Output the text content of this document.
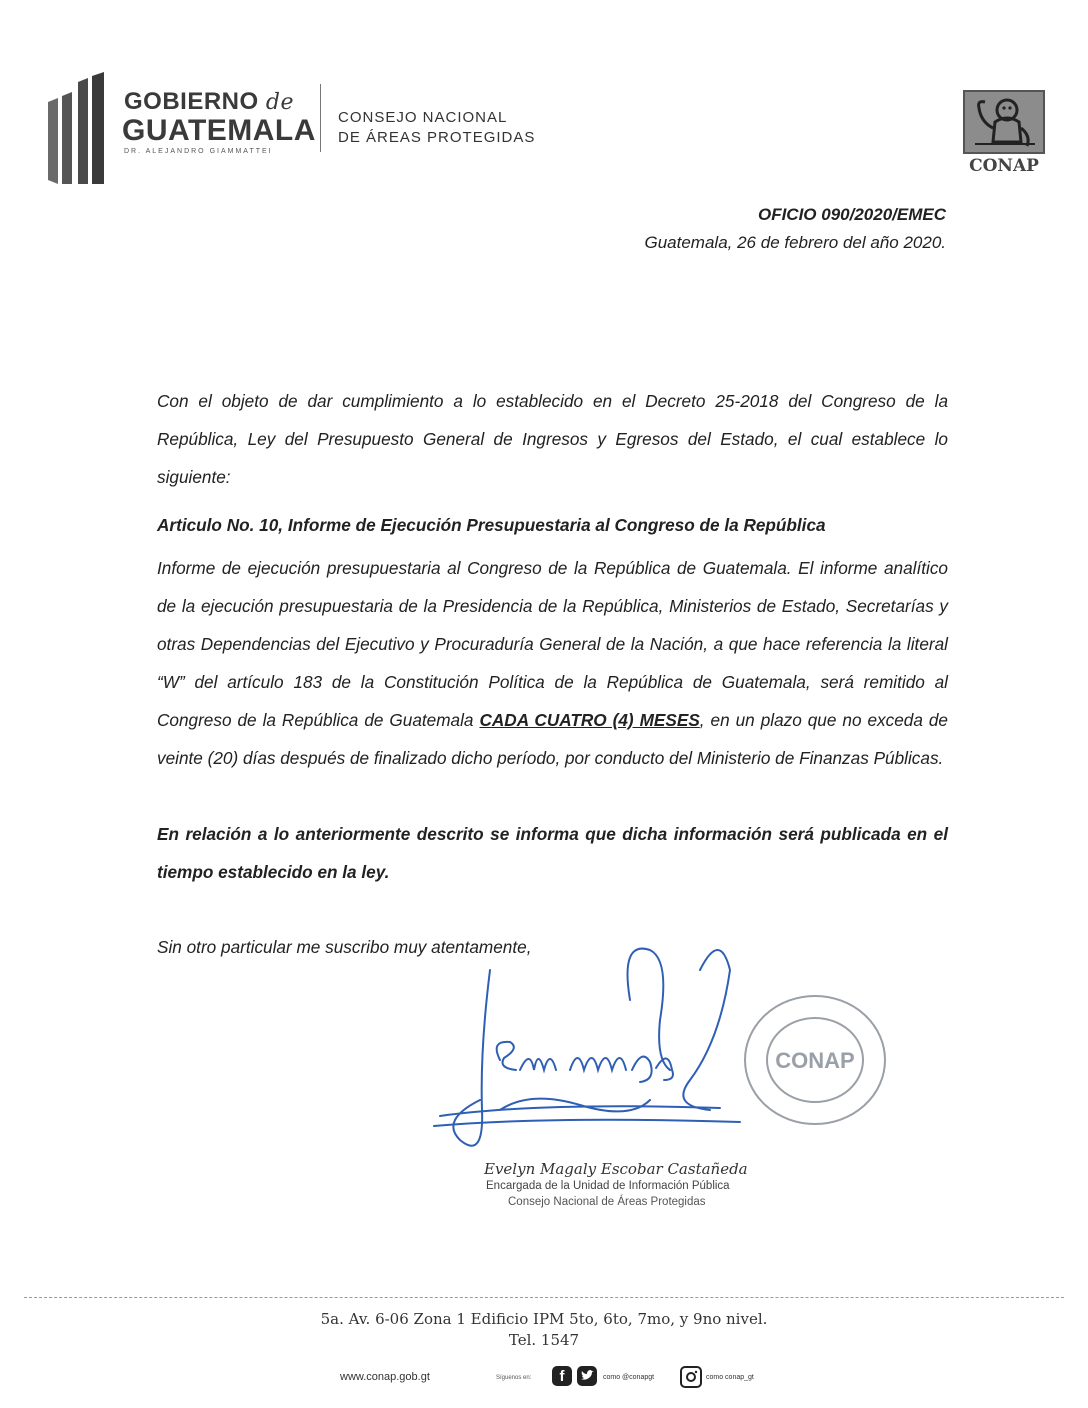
GOBIERNO de
GUATEMALA
DR. ALEJANDRO GIAMMATTEI
CONSEJO NACIONAL
DE ÁREAS PROTEGIDAS
CONAP
OFICIO 090/2020/EMEC
Guatemala, 26 de febrero del año 2020.

Con el objeto de dar cumplimiento a lo establecido en el Decreto 25-2018 del Congreso de la República, Ley del Presupuesto General de Ingresos y Egresos del Estado, el cual establece lo siguiente:

Articulo No. 10, Informe de Ejecución Presupuestaria al Congreso de la República

Informe de ejecución presupuestaria al Congreso de la República de Guatemala. El informe analítico de la ejecución presupuestaria de la Presidencia de la República, Ministerios de Estado, Secretarías y otras Dependencias del Ejecutivo y Procuraduría General de la Nación, a que hace referencia la literal “W” del artículo 183 de la Constitución Política de la República de Guatemala, será remitido al Congreso de la República de Guatemala CADA CUATRO (4) MESES, en un plazo que no exceda de veinte (20) días después de finalizado dicho período, por conducto del Ministerio de Finanzas Públicas.

En relación a lo anteriormente descrito se informa que dicha información será publicada en el tiempo establecido en la ley.

Sin otro particular me suscribo muy atentamente,
CONAP
Evelyn Magaly Escobar Castañeda
Encargada de la Unidad de Información Pública
Consejo Nacional de Áreas Protegidas
5a. Av. 6-06 Zona 1 Edificio IPM 5to, 6to, 7mo, y 9no nivel.
Tel. 1547
www.conap.gob.gt	Síguenos en:	f	como @conapgt	como conap_gt
